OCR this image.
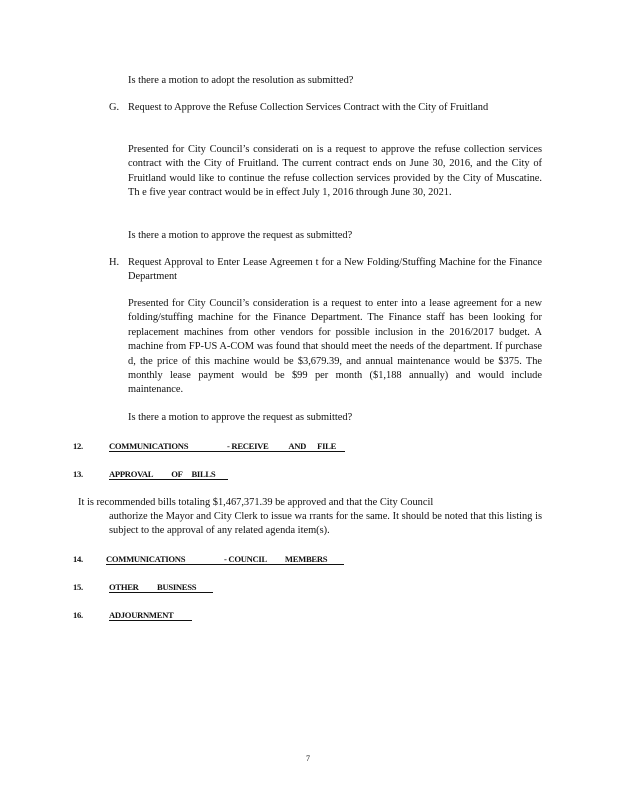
Is there a motion to adopt the resolution as submitted?
G. Request to Approve the Refuse Collection Services Contract with the City of Fruitland
Presented for City Council’s considerati on is a request to approve the refuse collection services contract with the City of Fruitland. The current contract ends on June 30, 2016, and the City of Fruitland would like to continue the refuse collection services provided by the City of Muscatine. Th e five year contract would be in effect July 1, 2016 through June 30, 2021.
Is there a motion to approve the request as submitted?
H. Request Approval to Enter Lease Agreemen t for a New Folding/Stuffing Machine for the Finance Department
Presented for City Council’s consideration is a request to enter into a lease agreement for a new folding/stuffing machine for the Finance Department. The Finance staff has been looking for replacement machines from other vendors for possible inclusion in the 2016/2017 budget. A machine from FP-US A-COM was found that should meet the needs of the department. If purchase d, the price of this machine would be $3,679.39, and annual maintenance would be $375. The monthly lease payment would be $99 per month ($1,188 annually) and would include maintenance.
Is there a motion to approve the request as submitted?
12.	COMMUNICATIONS                     - RECEIVE           AND      FILE
13.	APPROVAL          OF     BILLS
It is recommended bills totaling $1,467,371.39 be approved and that the City Council
authorize the Mayor and City Clerk to issue wa rrants for the same. It should be noted that this listing is subject to the approval of any related agenda item(s).
14.	COMMUNICATIONS                     - COUNCIL          MEMBERS
15.	OTHER          BUSINESS
16.	ADJOURNMENT
7
